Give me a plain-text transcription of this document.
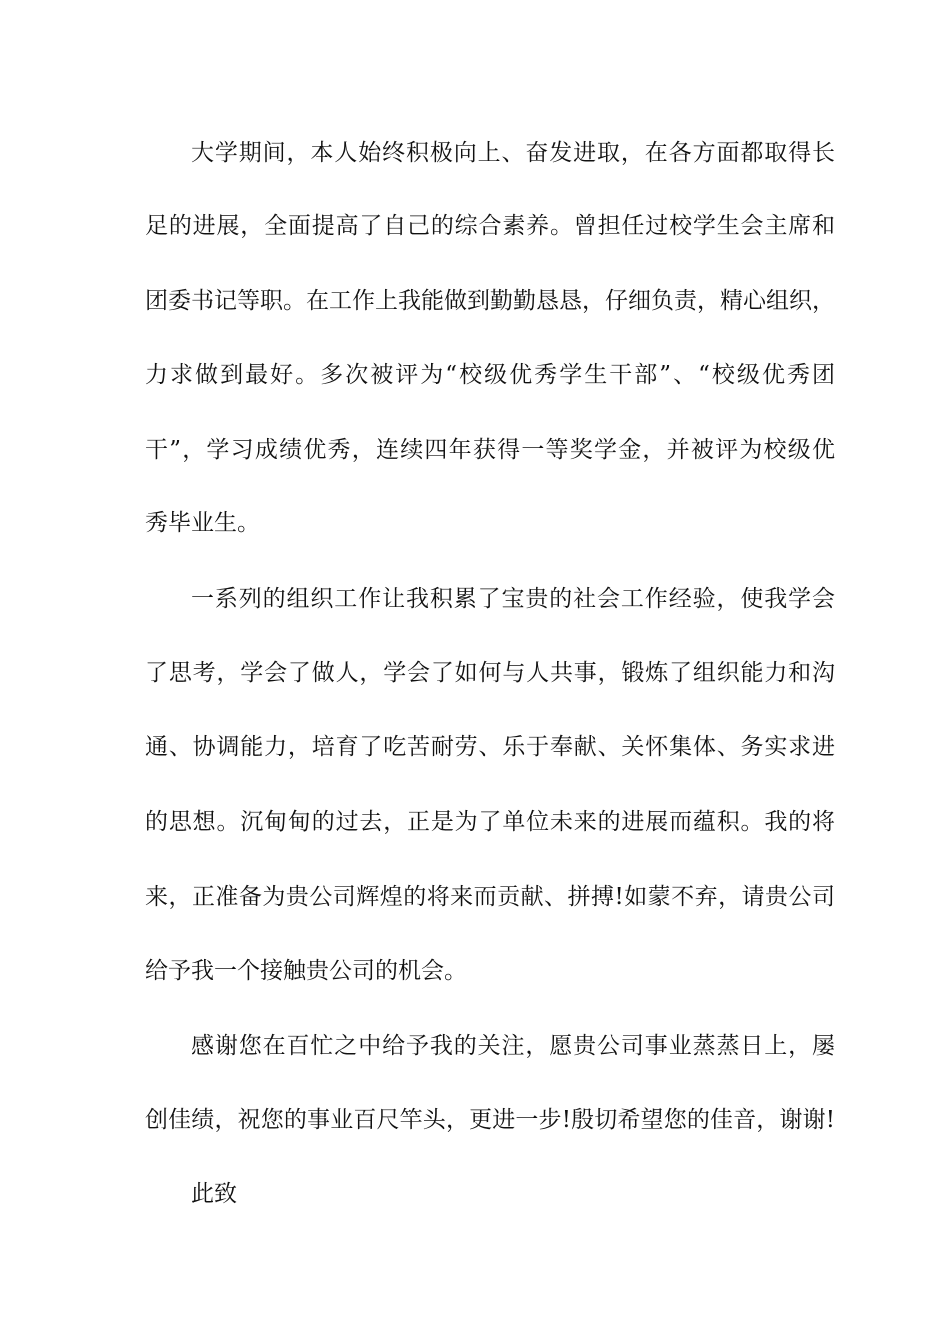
大学期间，本人始终积极向上、奋发进取，在各方面都取得长
足的进展，全面提高了自己的综合素养。曾担任过校学生会主席和
团委书记等职。在工作上我能做到勤勤恳恳，仔细负责，精心组织，
力求做到最好。多次被评为“校级优秀学生干部”、“校级优秀团
干”，学习成绩优秀，连续四年获得一等奖学金，并被评为校级优
秀毕业生。
一系列的组织工作让我积累了宝贵的社会工作经验，使我学会
了思考，学会了做人，学会了如何与人共事，锻炼了组织能力和沟
通、协调能力，培育了吃苦耐劳、乐于奉献、关怀集体、务实求进
的思想。沉甸甸的过去，正是为了单位未来的进展而蕴积。我的将
来，正准备为贵公司辉煌的将来而贡献、拼搏!如蒙不弃，请贵公司
给予我一个接触贵公司的机会。
感谢您在百忙之中给予我的关注，愿贵公司事业蒸蒸日上，屡
创佳绩，祝您的事业百尺竿头，更进一步!殷切希望您的佳音，谢谢!
此致
